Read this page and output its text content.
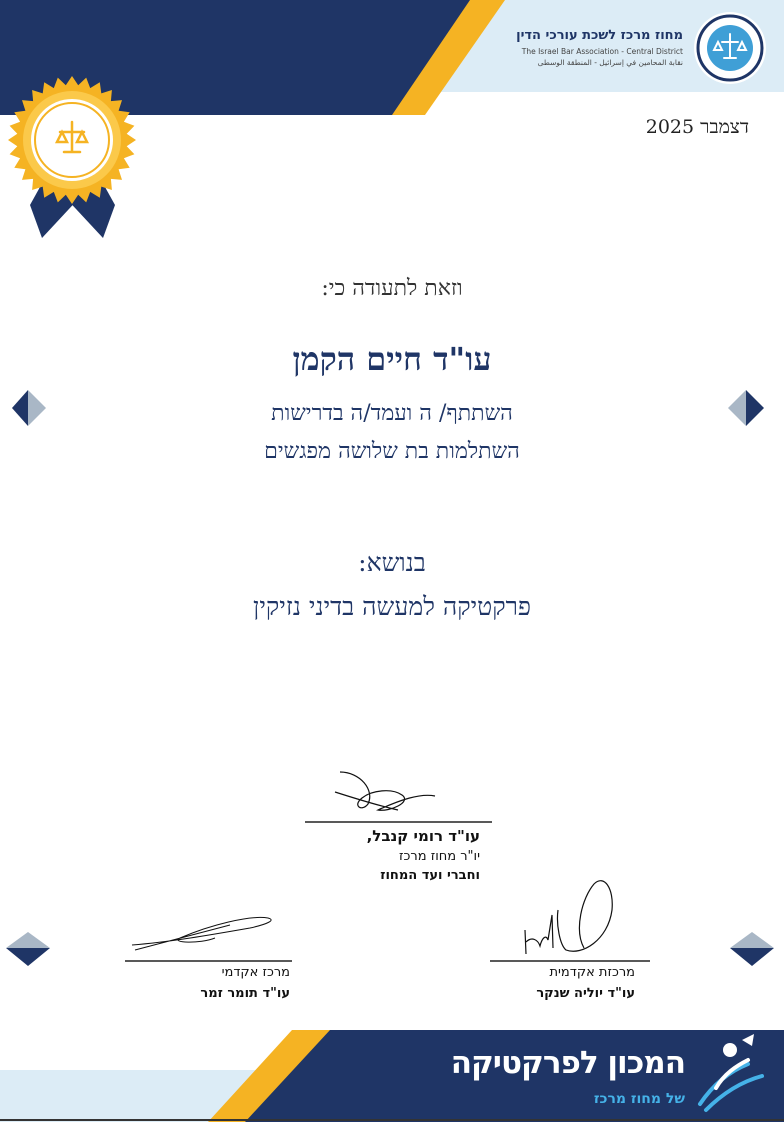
מחוז מרכז לשכת עורכי הדין
The Israel Bar Association - Central District
نقابة المحامين في إسرائيل - المنطقة الوسطى
דצמבר 2025
וזאת לתעודה כי:
עו"ד חיים הקמן
השתתף/ ה ועמד/ה בדרישות
השתלמות בת שלושה מפגשים
בנושא:
פרקטיקה למעשה בדיני נזיקין
עו"ד רומי קנבל,
יו"ר מחוז מרכז
וחברי ועד המחוז
מרכז אקדמי
עו"ד תומר זמר
מרכזת אקדמית
עו"ד יוליה שנקר
המכון לפרקטיקה
של מחוז מרכז
